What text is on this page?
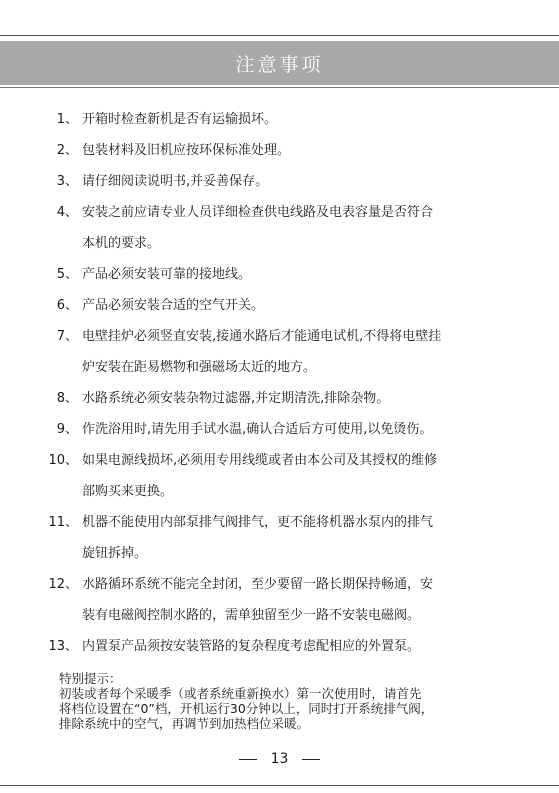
注意事项
1、 开箱时检查新机是否有运输损坏。
2、 包装材料及旧机应按环保标准处理。
3、 请仔细阅读说明书,并妥善保存。
4、 安装之前应请专业人员详细检查供电线路及电表容量是否符合
本机的要求。
5、 产品必须安装可靠的接地线。
6、 产品必须安装合适的空气开关。
7、 电壁挂炉必须竖直安装,接通水路后才能通电试机,不得将电壁挂
炉安装在距易燃物和强磁场太近的地方。
8、 水路系统必须安装杂物过滤器,并定期清洗,排除杂物。
9、 作洗浴用时,请先用手试水温,确认合适后方可使用,以免烫伤。
10、 如果电源线损坏,必须用专用线缆或者由本公司及其授权的维修
部购买来更换。
11、 机器不能使用内部泵排气阀排气，更不能将机器水泵内的排气
旋钮拆掉。
12、 水路循环系统不能完全封闭，至少要留一路长期保持畅通，安
装有电磁阀控制水路的，需单独留至少一路不安装电磁阀。
13、 内置泵产品须按安装管路的复杂程度考虑配相应的外置泵。
特别提示：
初装或者每个采暖季（或者系统重新换水）第一次使用时，请首先
将档位设置在“0”档，开机运行30分钟以上，同时打开系统排气阀，
排除系统中的空气，再调节到加热档位采暖。
13
